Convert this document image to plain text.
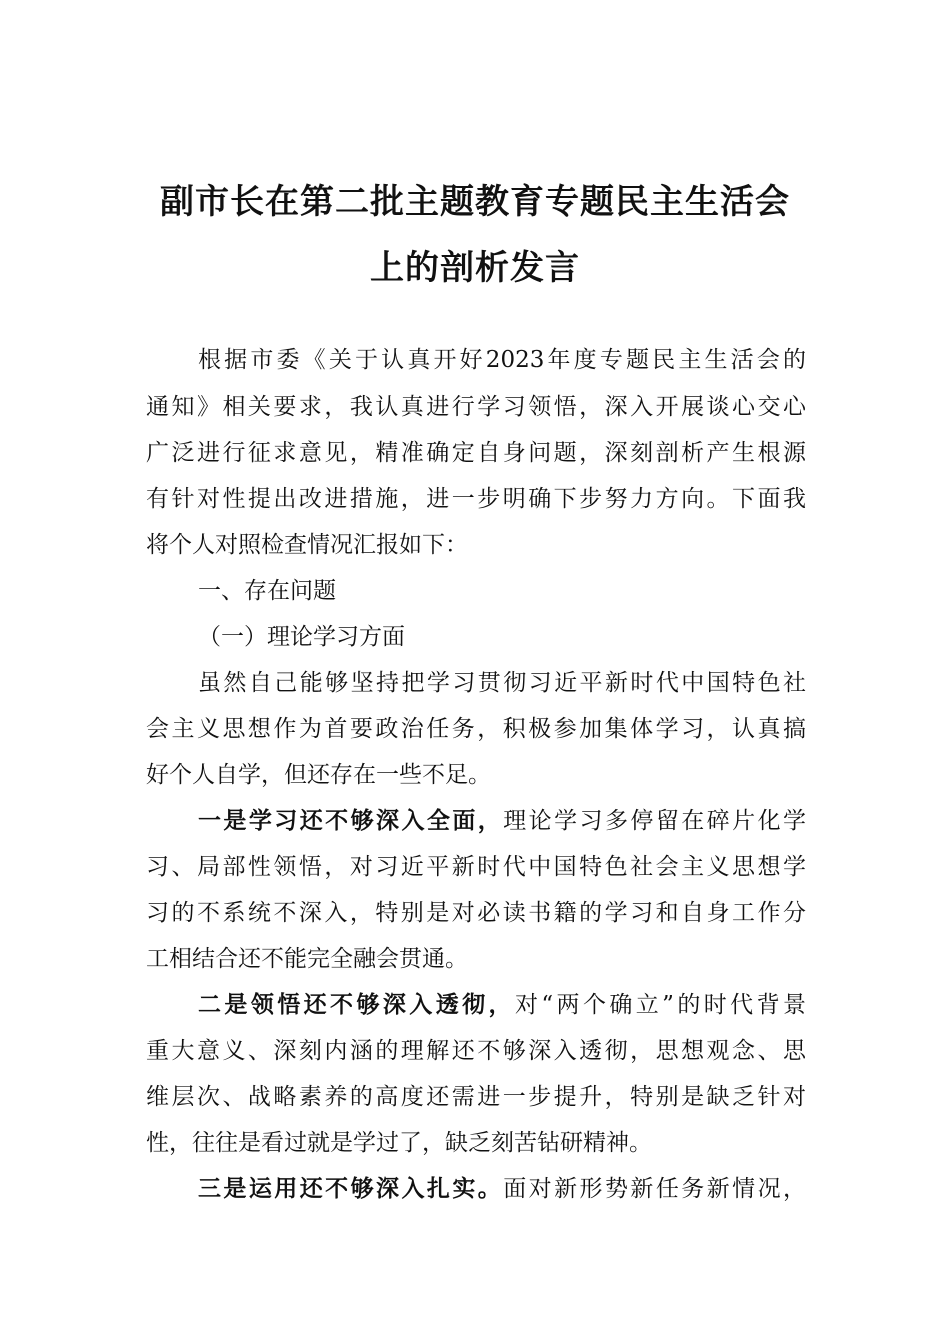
副市长在第二批主题教育专题民主生活会
上的剖析发言
根据市委《关于认真开好2023年度专题民主生活会的
通知》相关要求，我认真进行学习领悟，深入开展谈心交心
广泛进行征求意见，精准确定自身问题，深刻剖析产生根源
有针对性提出改进措施，进一步明确下步努力方向。下面我
将个人对照检查情况汇报如下：
一、存在问题
（一）理论学习方面
虽然自己能够坚持把学习贯彻习近平新时代中国特色社
会主义思想作为首要政治任务，积极参加集体学习，认真搞
好个人自学，但还存在一些不足。
一是学习还不够深入全面，理论学习多停留在碎片化学
习、局部性领悟，对习近平新时代中国特色社会主义思想学
习的不系统不深入，特别是对必读书籍的学习和自身工作分
工相结合还不能完全融会贯通。
二是领悟还不够深入透彻，对“两个确立”的时代背景
重大意义、深刻内涵的理解还不够深入透彻，思想观念、思
维层次、战略素养的高度还需进一步提升，特别是缺乏针对
性，往往是看过就是学过了，缺乏刻苦钻研精神。
三是运用还不够深入扎实。面对新形势新任务新情况，
